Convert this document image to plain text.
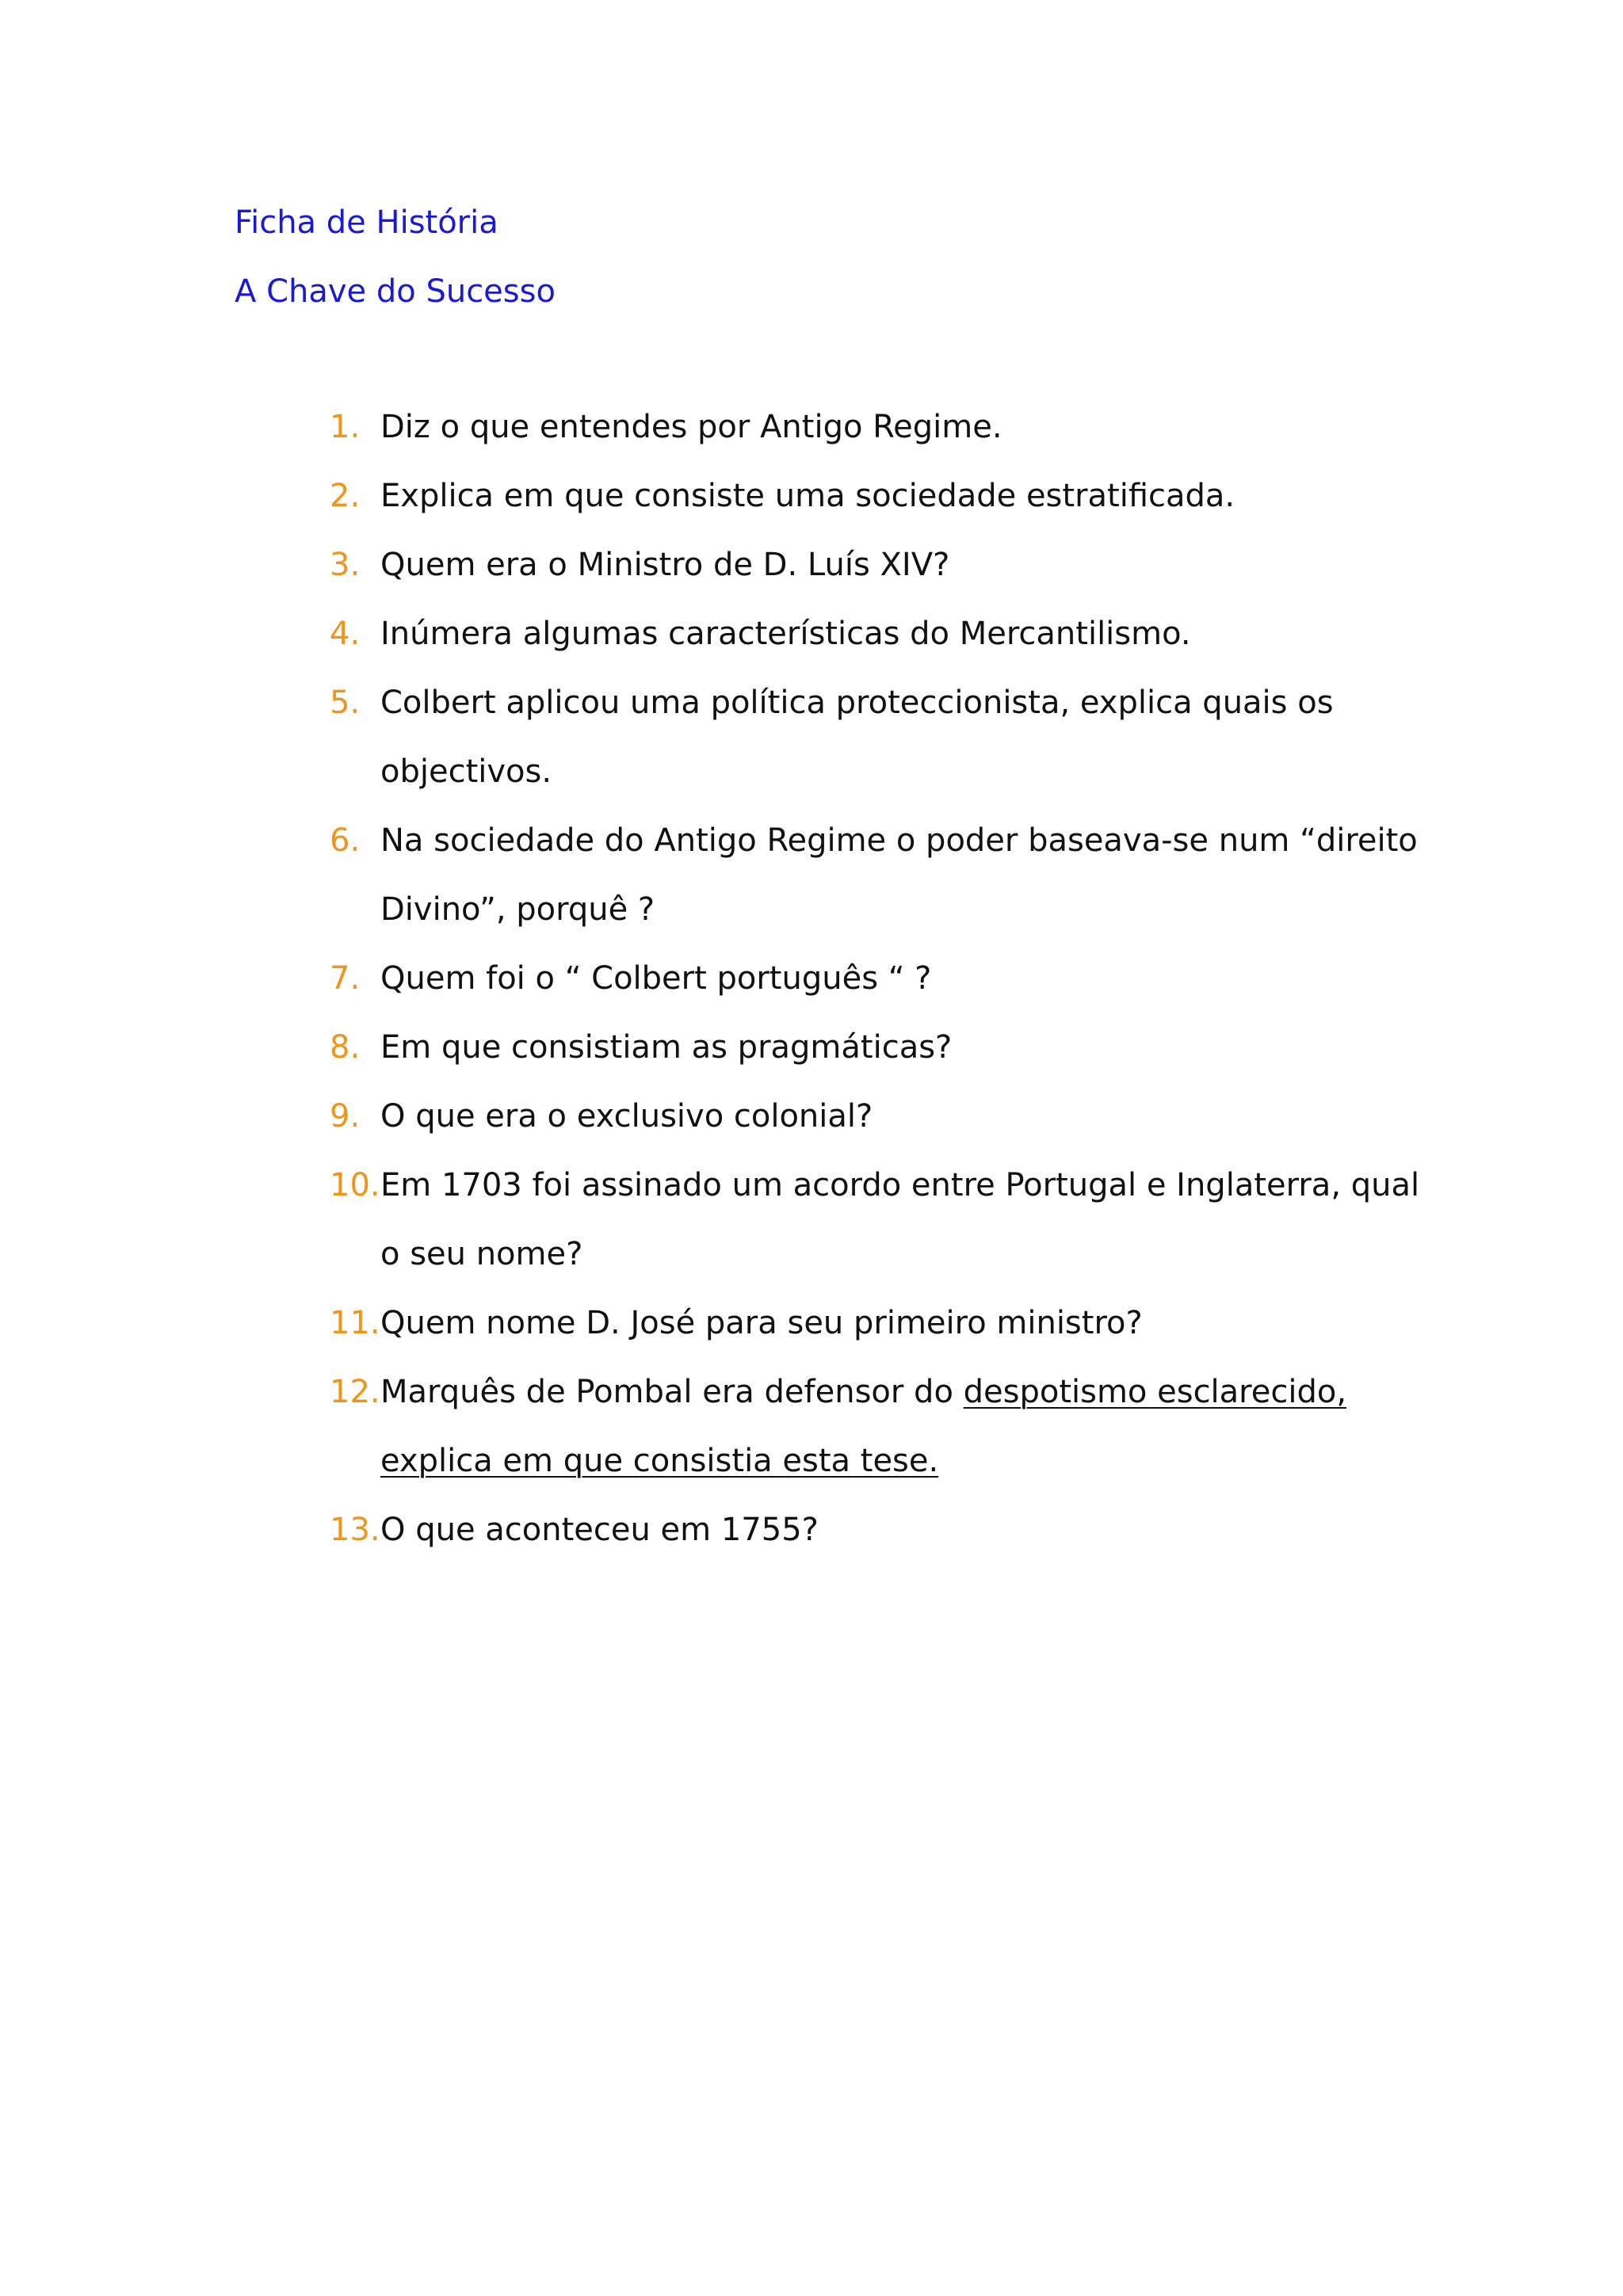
Ficha de História
A Chave do Sucesso
1. Diz o que entendes por Antigo Regime.
2. Explica em que consiste uma sociedade estratificada.
3. Quem era o Ministro de D. Luís XIV?
4. Inúmera algumas características do Mercantilismo.
5. Colbert aplicou uma política proteccionista, explica quais os
objectivos.
6. Na sociedade do Antigo Regime o poder baseava-se num “direito
Divino”, porquê ?
7. Quem foi o “ Colbert português “ ?
8. Em que consistiam as pragmáticas?
9. O que era o exclusivo colonial?
10. Em 1703 foi assinado um acordo entre Portugal e Inglaterra, qual
o seu nome?
11. Quem nome D. José para seu primeiro ministro?
12. Marquês de Pombal era defensor do despotismo esclarecido,
explica em que consistia esta tese.
13. O que aconteceu em 1755?
